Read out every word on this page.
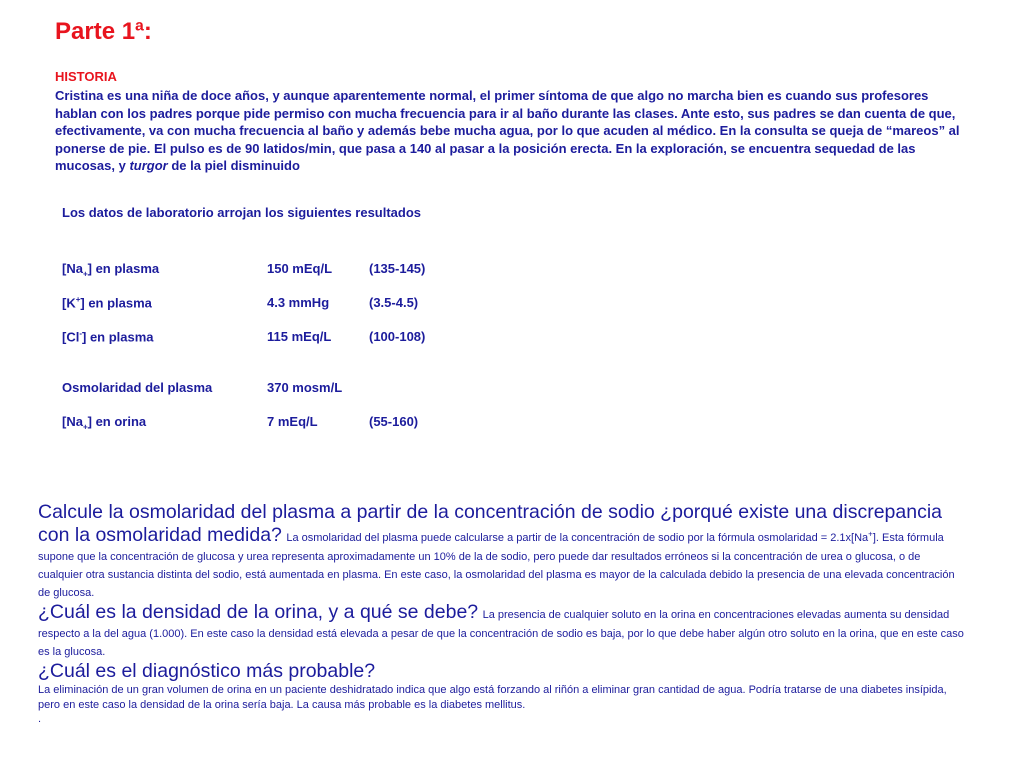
Parte 1ª:
HISTORIA
Cristina es una niña de doce años, y aunque aparentemente normal, el primer síntoma de que algo no marcha bien es cuando sus profesores hablan con los padres porque pide permiso con mucha frecuencia para ir al baño durante las clases. Ante esto, sus padres se dan cuenta de que, efectivamente, va con mucha frecuencia al baño y además bebe mucha agua, por lo que acuden al médico. En la consulta se queja de “mareos” al ponerse de pie. El pulso es de 90 latidos/min, que pasa a 140 al pasar a la posición erecta. En la exploración, se encuentra sequedad de las mucosas, y turgor de la piel disminuido
Los datos de laboratorio arrojan los siguientes resultados
$[Na_+]$ en plasma	150 mEq/L	(135-145)
[K+] en plasma	4.3 mmHg	(3.5-4.5)
[Cl-] en plasma	115 mEq/L	(100-108)
Osmolaridad del plasma	370 mosm/L
$[Na_+]$ en orina	7 mEq/L	(55-160)

Calcule la osmolaridad del plasma a partir de la concentración de sodio ¿porqué existe una discrepancia con la osmolaridad medida? La osmolaridad del plasma puede calcularse a partir de la concentración de sodio por la fórmula osmolaridad = 2.1x[Na+]. Esta fórmula supone que la concentración de glucosa y urea representa aproximadamente un 10% de la de sodio, pero puede dar resultados erróneos si la concentración de urea o glucosa, o de cualquier otra sustancia distinta del sodio, está aumentada en plasma. En este caso, la osmolaridad del plasma es mayor de la calculada debido la presencia de una elevada concentración de glucosa.

¿Cuál es la densidad de la orina, y a qué se debe? La presencia de cualquier soluto en la orina en concentraciones elevadas aumenta su densidad respecto a la del agua (1.000). En este caso la densidad está elevada a pesar de que la concentración de sodio es baja, por lo que debe haber algún otro soluto en la orina, que en este caso es la glucosa.

¿Cuál es el diagnóstico más probable?
La eliminación de un gran volumen de orina en un paciente deshidratado indica que algo está forzando al riñón a eliminar gran cantidad de agua. Podría tratarse de una diabetes insípida, pero en este caso la densidad de la orina sería baja. La causa más probable es la diabetes mellitus.
.
